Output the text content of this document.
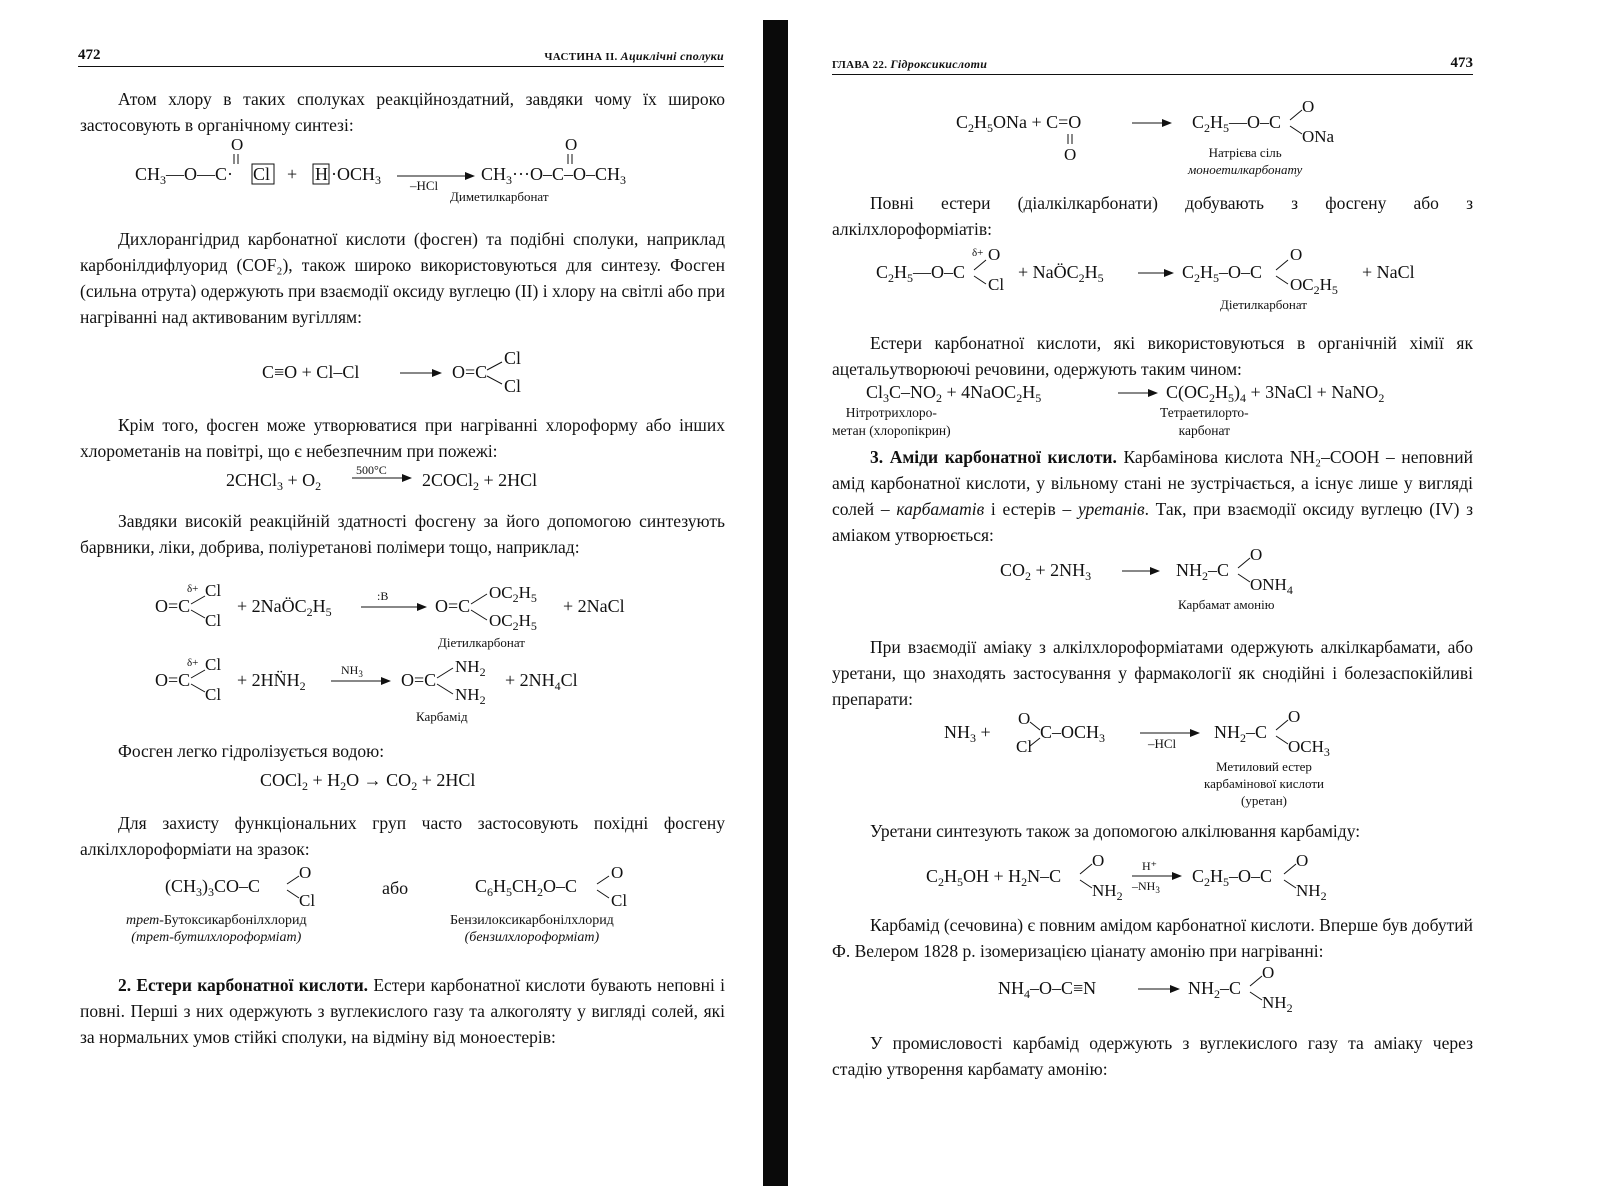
472	ЧАСТИНА ІІ. Ациклічні сполуки

Атом хлору в таких сполуках реакційноздатний, завдяки чому їх широко застосовують в органічному синтезі:

O
$CH_3—O—C\cdot Cl + H \cdot OCH_3$ –HCl
O
$CH_3\cdot\cdot\cdot O-C-O-CH_3$
Диметилкарбонат

Дихлорангідрид карбонатної кислоти (фосген) та подібні сполуки, наприклад карбонілдифлуорид (COF₂), також широко використовуються для синтезу. Фосген (сильна отрута) одержують при взаємодії оксиду вуглецю (II) і хлору на світлі або при нагріванні над активованим вугіллям:

C≡O + Cl–Cl	O=C
Cl
Cl

Крім того, фосген може утворюватися при нагріванні хлороформу або інших хлорометанів на повітрі, що є небезпечним при пожежі:

2CHCl$_3$ + $O_2$
500°C 2COCl$_2$ + 2HCl

Завдяки високій реакційній здатності фосгену за його допомогою синтезують барвники, ліки, добрива, поліуретанові полімери тощо, наприклад:

δ+ Cl
O=C
Cl
+ $2NaÖC_2H_5$
:B	O=C
$OC_2H_5$
$OC_2H_5$
+ 2NaCl
Діетилкарбонат
δ+ Cl
O=C
Cl
+ $2HN̈H_2$
$NH_3$ O=C
$NH_2$
$NH_2$
+ $2NH_4Cl$
Карбамід

Фосген легко гідролізується водою:

COCl$_2$ + $H_2O \to CO_2 + 2HCl$

Для захисту функціональних груп часто застосовують похідні фосгену алкілхлороформіати на зразок:

$(CH_3)_3CO-C$
O
Cl
$C_6H_5CH_2O-C$
O
Cl
або
трет-Бутоксикарбонілхлорид
(трет-бутилхлороформіат)
Бензилоксикарбонілхлорид
(бензилхлороформіат)

2. Естери карбонатної кислоти. Естери карбонатної кислоти бувають неповні і повні. Перші з них одержують з вуглекислого газу та алкоголяту у вигляді солей, які за нормальних умов стійкі сполуки, на відміну від моноестерів:

ГЛАВА 22. Гідроксикислоти	473
$C_2H_5ONa + C=O$
O
$C_2H_5—O-C$
O
ONa
Натрієва сіль
моноетилкарбонату

Повні естери (діалкілкарбонати) добувають з фосгену або з алкілхлороформіатів:

δ+ O
$C_2H_5—O-C$
Cl
+ $NaÖC_2H_5$	$C_2H_5-O-C$
O
$OC_2H_5$
+ NaCl
Діетилкарбонат

Естери карбонатної кислоти, які використовуються в органічній хімії як ацетальутворюючі речовини, одержують таким чином:

$Cl_3C-NO_2$ + $4NaOC_2H_5$	$C(OC_2H_5)_4$ + 3NaCl + NaNO$_2$
Нітротрихлоро-
метан (хлоропікрин)
Тетраетилорто-
карбонат

3. Аміди карбонатної кислоти. Карбамінова кислота NH₂–COOH – неповний амід карбонатної кислоти, у вільному стані не зустрічається, а існує лише у вигляді солей – карбаматів і естерів – уретанів. Так, при взаємодії оксиду вуглецю (IV) з аміаком утворюється:

$CO_2 + 2NH_3$	$NH_2-C$
O
$ONH_4$
Карбамат амонію

При взаємодії аміаку з алкілхлороформіатами одержують алкілкарбамати, або уретани, що знаходять застосування у фармакології як снодійні і болезаспокійливі препарати:

$NH_3$ +
O
Cl
$C-OCH_3$	–HCl
$NH_2-C$
O
$OCH_3$
Метиловий естер
карбамінової кислоти
(уретан)

Уретани синтезують також за допомогою алкілювання карбаміду:

$C_2H_5OH + H_2N-C$
O
$NH_2$
H⁺
$-NH_3$
$C_2H_5-O-C$
O
$NH_2$

Карбамід (сечовина) є повним амідом карбонатної кислоти. Вперше був добутий Ф. Велером 1828 р. ізомеризацією ціанату амонію при нагріванні:

$NH_4-O-C\equiv N$	$NH_2-C$
O
$NH_2$

У промисловості карбамід одержують з вуглекислого газу та аміаку через стадію утворення карбамату амонію:
